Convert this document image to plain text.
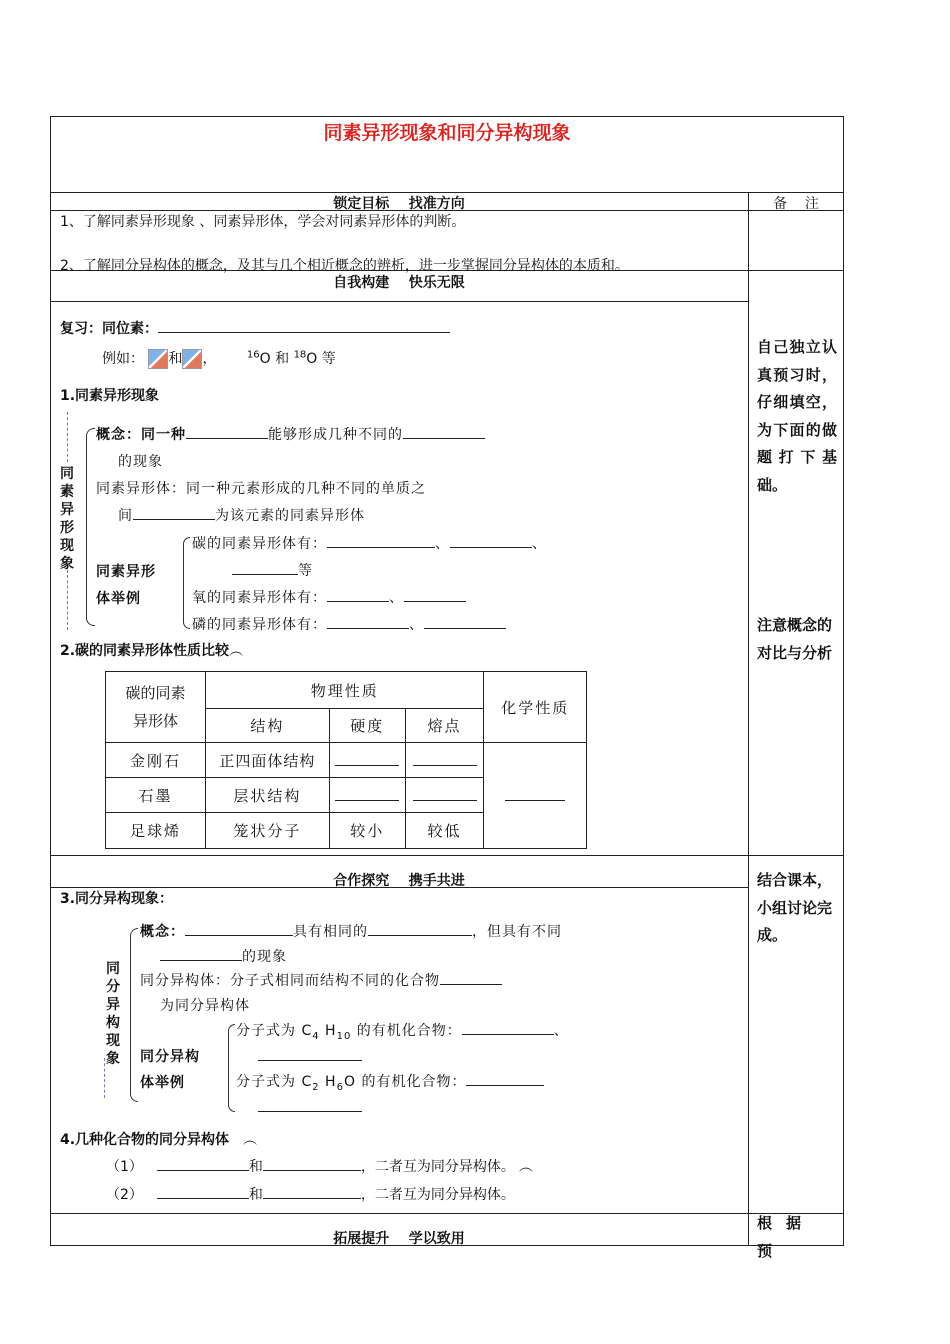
同素异形现象和同分异构现象
锁定目标    找准方向	备    注
1、了解同素异形现象 、同素异形体，学会对同素异形体的判断。
2、了解同分异构体的概念，及其与几个相近概念的辨析，进一步掌握同分异构体的本质和。
自我构建    快乐无限
复习：同位素：
例如： 和 ，	$^{16}$O 和 $^{18}$O 等
1.同素异形现象
同素异形现象
概念：同一种	能够形成几种不同的
的现象
同素异形体：同一种元素形成的几种不同的单质之
间	为该元素的同素异形体
同素异形
体举例
碳的同素异形体有：	、	、
等
氧的同素异形体有：	、
磷的同素异形体有：	、
2.碳的同素异形体性质比较︵
碳的同素
异形体	物理性质			化学性质
	结构	硬度	熔点	
金刚石	正四面体结构			
石墨	层状结构			
足球烯	笼状分子	较小	较低	
合作探究    携手共进
3.同分异构现象：
同分异构现象
概念：	具有相同的	，但具有不同
的现象
同分异构体：分子式相同而结构不同的化合物
为同分异构体
同分异构
体举例
分子式为 $C_4$ $H_{10}$ 的有机化合物：	、
分子式为 $C_2$ $H_6O$ 的有机化合物：
4.几种化合物的同分异构体 ︵
（1）	和	，二者互为同分异构体。 ︵
（2）	和	，二者互为同分异构体。
拓展提升    学以致用
自己独立认真预习时，仔细填空，为下面的做题打下基础。
注意概念的对比与分析
结合课本，小组讨论完成。
根据预
